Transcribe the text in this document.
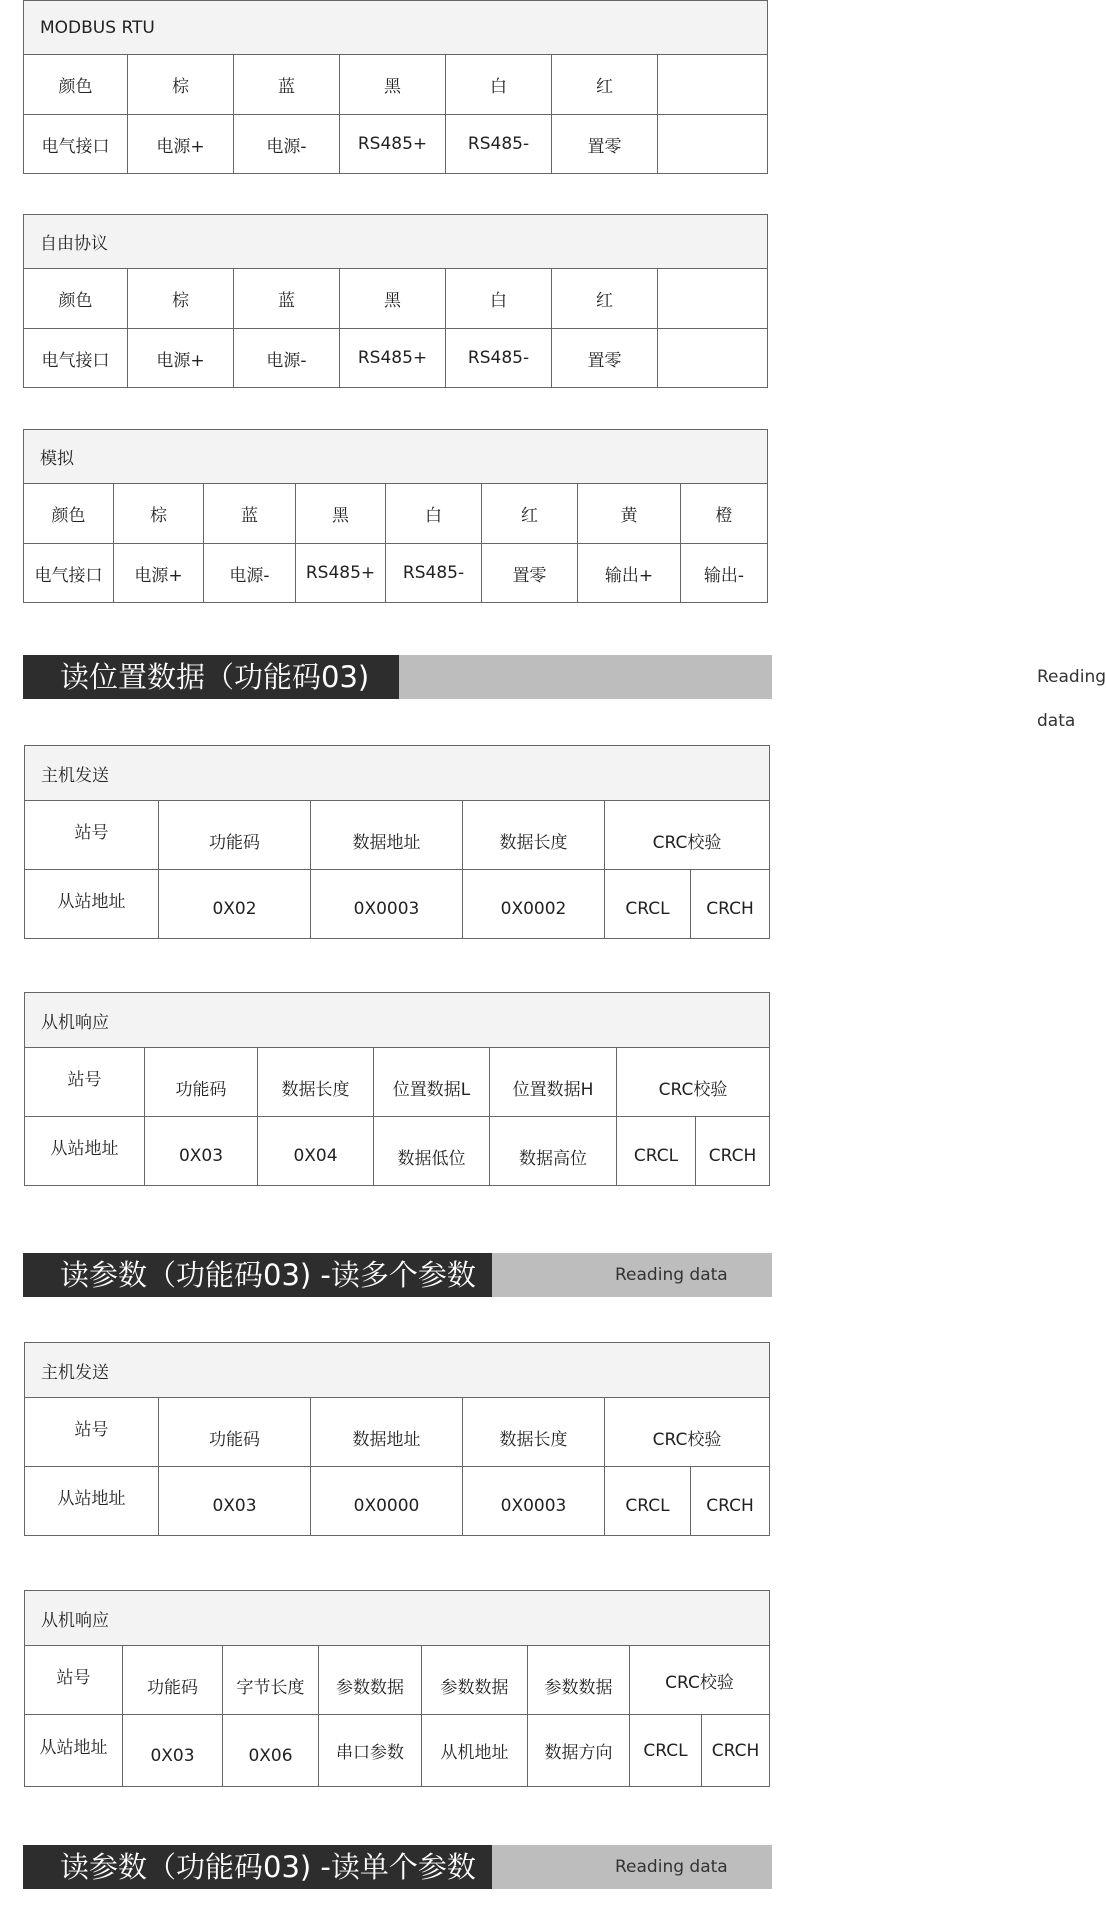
MODBUS RTU						
颜色	棕	蓝	黑	白	红	
电气接口	电源+	电源-	RS485+	RS485-	置零	
自由协议						
颜色	棕	蓝	黑	白	红	
电气接口	电源+	电源-	RS485+	RS485-	置零	
模拟							
颜色	棕	蓝	黑	白	红	黄	橙
电气接口	电源+	电源-	RS485+	RS485-	置零	输出+	输出-
读位置数据（功能码03)	Reading data
主机发送					
站号	功能码	数据地址	数据长度	CRC校验	
从站地址	0X02	0X0003	0X0002	CRCL	CRCH
从机响应						
站号	功能码	数据长度	位置数据L	位置数据H	CRC校验	
从站地址	0X03	0X04	数据低位	数据高位	CRCL	CRCH
读参数（功能码03) -读多个参数	Reading data
主机发送					
站号	功能码	数据地址	数据长度	CRC校验	
从站地址	0X03	0X0000	0X0003	CRCL	CRCH
从机响应							
站号	功能码	字节长度	参数数据	参数数据	参数数据	CRC校验	
从站地址	0X03	0X06	串口参数	从机地址	数据方向	CRCL	CRCH
读参数（功能码03) -读单个参数	Reading data
